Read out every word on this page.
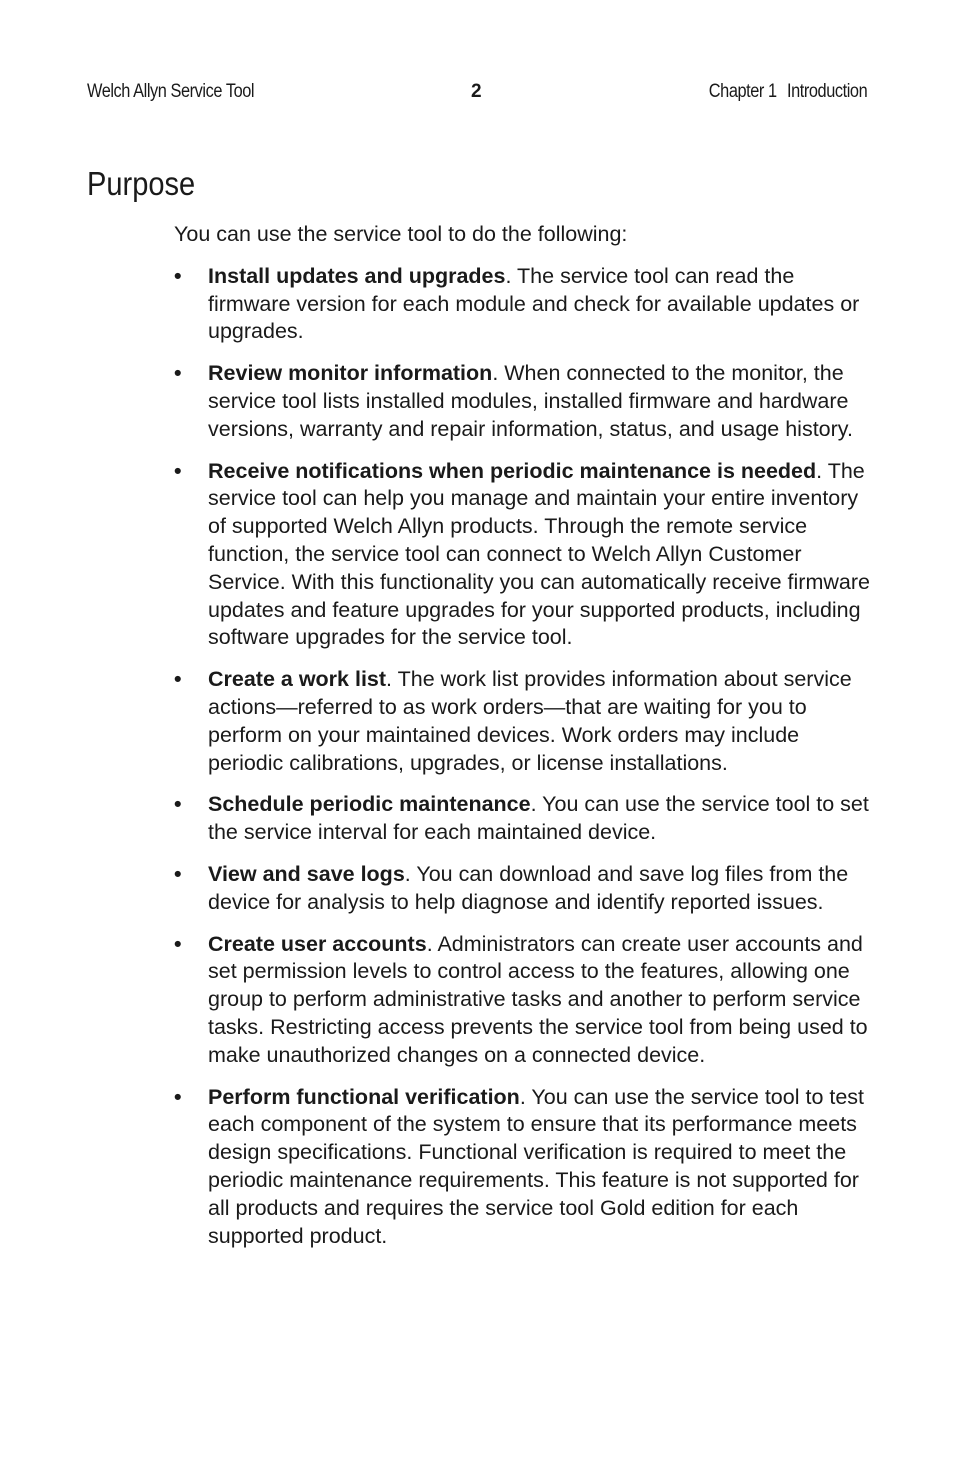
Welch Allyn Service Tool	2	Chapter 1 Introduction
Purpose

You can use the service tool to do the following:

• Install updates and upgrades. The service tool can read the firmware version for each module and check for available updates or upgrades.
• Review monitor information. When connected to the monitor, the service tool lists installed modules, installed firmware and hardware versions, warranty and repair information, status, and usage history.
• Receive notifications when periodic maintenance is needed. The service tool can help you manage and maintain your entire inventory of supported Welch Allyn products. Through the remote service function, the service tool can connect to Welch Allyn Customer Service. With this functionality you can automatically receive firmware updates and feature upgrades for your supported products, including software upgrades for the service tool.
• Create a work list. The work list provides information about service actions—referred to as work orders—that are waiting for you to perform on your maintained devices. Work orders may include periodic calibrations, upgrades, or license installations.
• Schedule periodic maintenance. You can use the service tool to set the service interval for each maintained device.
• View and save logs. You can download and save log files from the device for analysis to help diagnose and identify reported issues.
• Create user accounts. Administrators can create user accounts and set permission levels to control access to the features, allowing one group to perform administrative tasks and another to perform service tasks. Restricting access prevents the service tool from being used to make unauthorized changes on a connected device.
• Perform functional verification. You can use the service tool to test each component of the system to ensure that its performance meets design specifications. Functional verification is required to meet the periodic maintenance requirements. This feature is not supported for all products and requires the service tool Gold edition for each supported product.
